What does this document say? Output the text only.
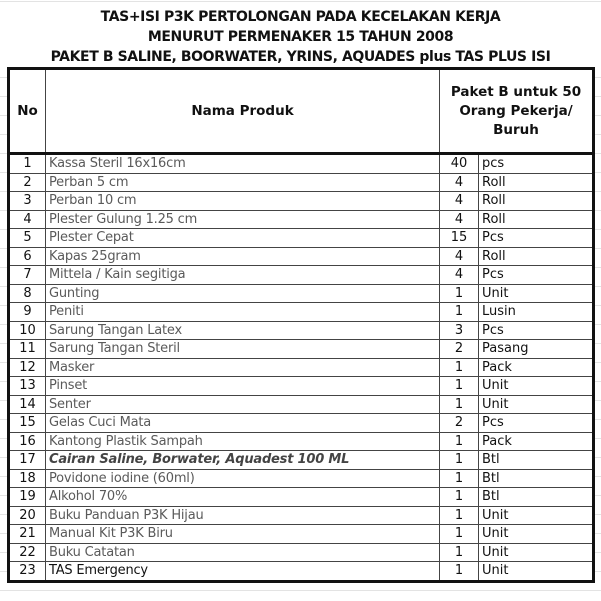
TAS+ISI P3K PERTOLONGAN PADA KECELAKAN KERJA
MENURUT PERMENAKER 15 TAHUN 2008
PAKET B SALINE, BOORWATER, YRINS, AQUADES plus TAS PLUS ISI
No	Nama Produk	Paket B untuk 50
Orang Pekerja/
Buruh	

1	Kassa Steril 16x16cm	40	pcs
2	Perban 5 cm	4	Roll
3	Perban 10 cm	4	Roll
4	Plester Gulung 1.25 cm	4	Roll
5	Plester Cepat	15	Pcs
6	Kapas 25gram	4	Roll
7	Mittela / Kain segitiga	4	Pcs
8	Gunting	1	Unit
9	Peniti	1	Lusin
10	Sarung Tangan Latex	3	Pcs
11	Sarung Tangan Steril	2	Pasang
12	Masker	1	Pack
13	Pinset	1	Unit
14	Senter	1	Unit
15	Gelas Cuci Mata	2	Pcs
16	Kantong Plastik Sampah	1	Pack
17	Cairan Saline, Borwater, Aquadest 100 ML	1	Btl
18	Povidone iodine (60ml)	1	Btl
19	Alkohol 70%	1	Btl
20	Buku Panduan P3K Hijau	1	Unit
21	Manual Kit P3K Biru	1	Unit
22	Buku Catatan	1	Unit
23	TAS Emergency	1	Unit
